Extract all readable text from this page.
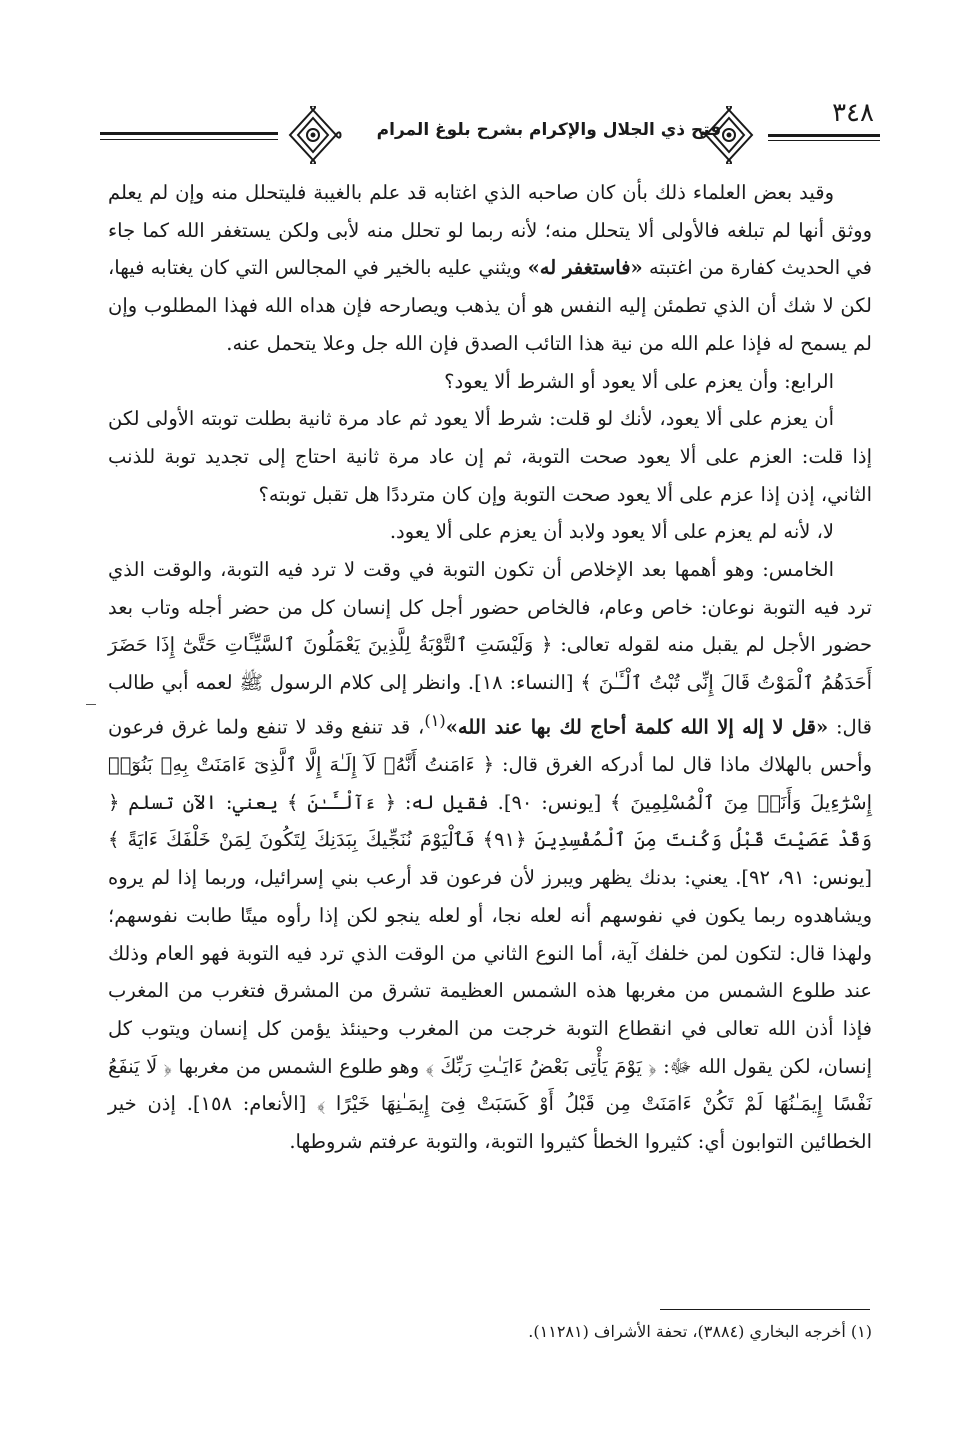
٣٤٨
فتح ذي الجلال والإكرام بشرح بلوغ المرام

وقيد بعض العلماء ذلك بأن كان صاحبه الذي اغتابه قد علم بالغيبة فليتحلل منه وإن لم يعلم ووثق أنها لم تبلغه فالأولى ألا يتحلل منه؛ لأنه ربما لو تحلل منه لأبى ولكن يستغفر الله كما جاء في الحديث كفارة من اغتبته «فاستغفر له» ويثني عليه بالخير في المجالس التي كان يغتابه فيها، لكن لا شك أن الذي تطمئن إليه النفس هو أن يذهب ويصارحه فإن هداه الله فهذا المطلوب وإن لم يسمح له فإذا علم الله من نية هذا التائب الصدق فإن الله جل وعلا يتحمل عنه.

الرابع: وأن يعزم على ألا يعود أو الشرط ألا يعود؟

أن يعزم على ألا يعود، لأنك لو قلت: شرط ألا يعود ثم عاد مرة ثانية بطلت توبته الأولى لكن إذا قلت: العزم على ألا يعود صحت التوبة، ثم إن عاد مرة ثانية احتاج إلى تجديد توبة للذنب الثاني، إذن إذا عزم على ألا يعود صحت التوبة وإن كان مترددًا هل تقبل توبته؟

لا، لأنه لم يعزم على ألا يعود ولابد أن يعزم على ألا يعود.

الخامس: وهو أهمها بعد الإخلاص أن تكون التوبة في وقت لا ترد فيه التوبة، والوقت الذي ترد فيه التوبة نوعان: خاص وعام، فالخاص حضور أجل كل إنسان كل من حضر أجله وتاب بعد حضور الأجل لم يقبل منه لقوله تعالى: ﴿ وَلَيْسَتِ ٱلتَّوْبَةُ لِلَّذِينَ يَعْمَلُونَ ٱلسَّيِّـَٔاتِ حَتَّىٰٓ إِذَا حَضَرَ أَحَدَهُمُ ٱلْمَوْتُ قَالَ إِنِّى تُبْتُ ٱلْـَٔـٰنَ ﴾ [النساء: ١٨]. وانظر إلى كلام الرسول ﷺ لعمه أبي طالب قال: «قل لا إله إلا الله كلمة أحاج لك بها عند الله»$^{(١)}$، قد تنفع وقد لا تنفع ولما غرق فرعون وأحس بالهلاك ماذا قال لما أدركه الغرق قال: ﴿ ءَامَنتُ أَنَّهُۥ لَآ إِلَـٰهَ إِلَّا ٱلَّذِىٓ ءَامَنَتْ بِهِۦ بَنُوٓا۟ إِسْرَٰٓءِيلَ وَأَنَا۠ مِنَ ٱلْمُسْلِمِينَ ﴾ [يونس: ٩٠]. فقيل له: ﴿ ءَآلْـَٔـٰنَ ﴾ يعني: الآن تسلم ﴿ وَقَدْ عَصَيْتَ قَبْلُ وَكُنتَ مِنَ ٱلْمُفْسِدِينَ ﴿٩١﴾ فَٱلْيَوْمَ نُنَجِّيكَ بِبَدَنِكَ لِتَكُونَ لِمَنْ خَلْفَكَ ءَايَةً ﴾ [يونس: ٩١، ٩٢]. يعني: بدنك يظهر ويبرز لأن فرعون قد أرعب بني إسرائيل، وربما إذا لم يروه ويشاهدوه ربما يكون في نفوسهم أنه لعله نجا، أو لعله ينجو لكن إذا رأوه ميتًا طابت نفوسهم؛ ولهذا قال: لتكون لمن خلفك آية، أما النوع الثاني من الوقت الذي ترد فيه التوبة فهو العام وذلك عند طلوع الشمس من مغربها هذه الشمس العظيمة تشرق من المشرق فتغرب من المغرب فإذا أذن الله تعالى في انقطاع التوبة خرجت من المغرب وحينئذ يؤمن كل إنسان ويتوب كل إنسان، لكن يقول الله ﷻ: ﴿ يَوْمَ يَأْتِى بَعْضُ ءَايَـٰتِ رَبِّكَ ﴾ وهو طلوع الشمس من مغربها ﴿ لَا يَنفَعُ نَفْسًا إِيمَـٰنُهَا لَمْ تَكُنْ ءَامَنَتْ مِن قَبْلُ أَوْ كَسَبَتْ فِىٓ إِيمَـٰنِهَا خَيْرًا ﴾ [الأنعام: ١٥٨]. إذن خير الخطائين التوابون أي: كثيروا الخطأ كثيروا التوبة، والتوبة عرفتم شروطها.

(١) أخرجه البخاري (٣٨٨٤)، تحفة الأشراف (١١٢٨١).
